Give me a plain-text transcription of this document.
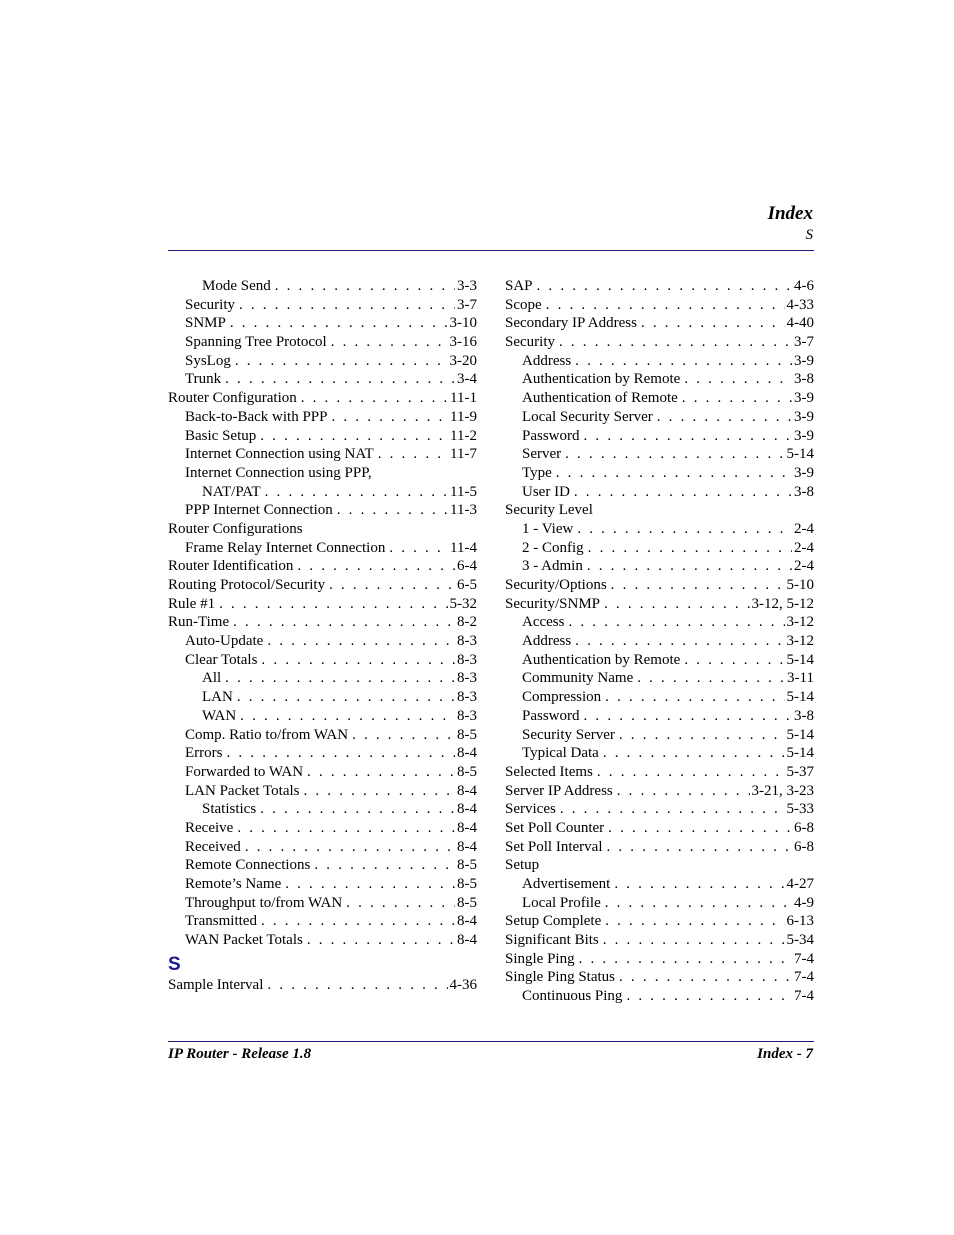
Index
S
Mode Send . . .	3-3
Security . . .	3-7
SNMP . . .	3-10
Spanning Tree Protocol . . .	3-16
SysLog . . .	3-20
Trunk . . .	3-4
Router Configuration . . .	11-1
Back-to-Back with PPP . . .	11-9
Basic Setup . . .	11-2
Internet Connection using NAT . . .	11-7
Internet Connection using PPP,
NAT/PAT . . .	11-5
PPP Internet Connection . . .	11-3
Router Configurations
Frame Relay Internet Connection . . .	11-4
Router Identification . . .	6-4
Routing Protocol/Security . . .	6-5
Rule #1 . . .	5-32
Run-Time . . .	8-2
Auto-Update . . .	8-3
Clear Totals . . .	8-3
All . . .	8-3
LAN . . .	8-3
WAN . . .	8-3
Comp. Ratio to/from WAN . . .	8-5
Errors . . .	8-4
Forwarded to WAN . . .	8-5
LAN Packet Totals . . .	8-4
Statistics . . .	8-4
Receive . . .	8-4
Received . . .	8-4
Remote Connections . . .	8-5
Remote’s Name . . .	8-5
Throughput to/from WAN . . .	8-5
Transmitted . . .	8-4
WAN Packet Totals . . .	8-4
S
Sample Interval . . .	4-36
SAP . . .	4-6
Scope . . .	4-33
Secondary IP Address . . .	4-40
Security . . .	3-7
Address . . .	3-9
Authentication by Remote . . .	3-8
Authentication of Remote . . .	3-9
Local Security Server . . .	3-9
Password . . .	3-9
Server . . .	5-14
Type . . .	3-9
User ID . . .	3-8
Security Level
1 - View . . .	2-4
2 - Config . . .	2-4
3 - Admin . . .	2-4
Security/Options . . .	5-10
Security/SNMP . . .	3-12, 5-12
Access . . .	3-12
Address . . .	3-12
Authentication by Remote . . .	5-14
Community Name . . .	3-11
Compression . . .	5-14
Password . . .	3-8
Security Server . . .	5-14
Typical Data . . .	5-14
Selected Items . . .	5-37
Server IP Address . . .	3-21, 3-23
Services . . .	5-33
Set Poll Counter . . .	6-8
Set Poll Interval . . .	6-8
Setup
Advertisement . . .	4-27
Local Profile . . .	4-9
Setup Complete . . .	6-13
Significant Bits . . .	5-34
Single Ping . . .	7-4
Single Ping Status . . .	7-4
Continuous Ping . . .	7-4
IP Router - Release 1.8	Index - 7
